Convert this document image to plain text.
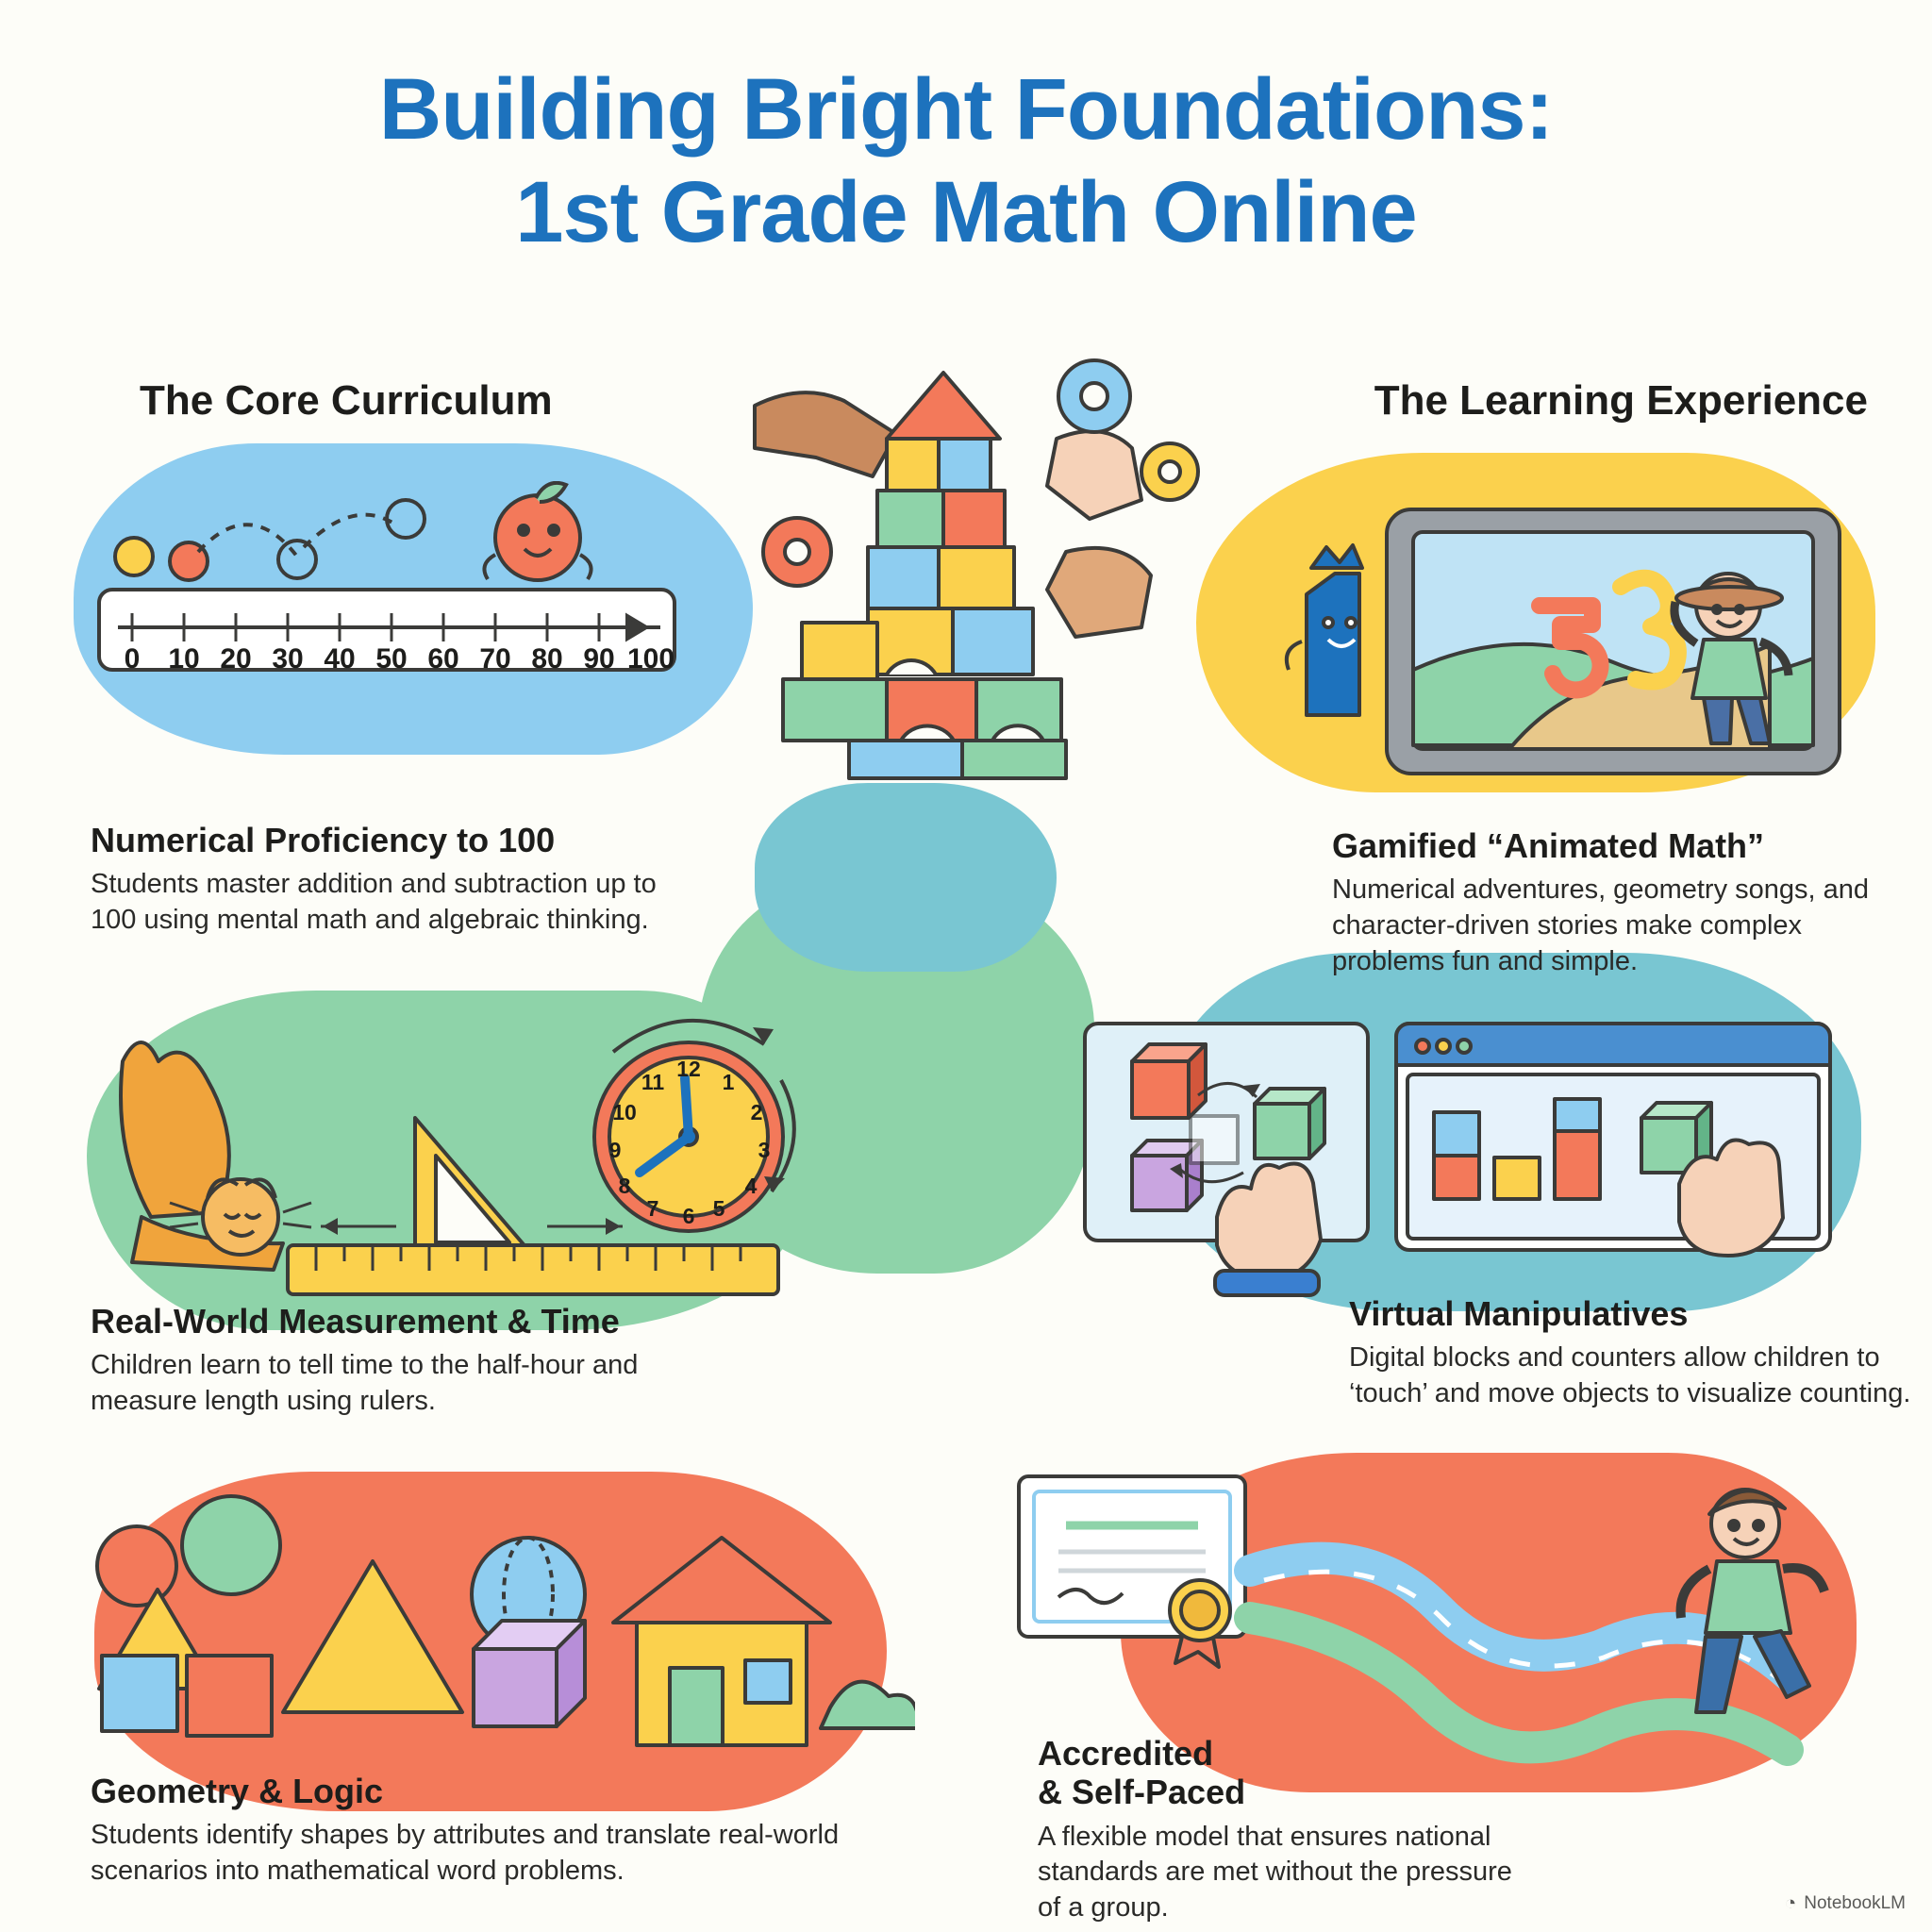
Building Bright Foundations:
1st Grade Math Online
The Core Curriculum	The Learning Experience
0 10 20 30 40 50 60 70 80 90 100

Numerical Proficiency to 100

Students master addition and subtraction up to 100 using mental math and algebraic thinking.

12
1
2
3
4
5
6
7
8
9
10
11

Real-World Measurement & Time

Children learn to tell time to the half-hour and measure length using rulers.

Geometry & Logic

Students identify shapes by attributes and translate real-world scenarios into mathematical word problems.

Gamified “Animated Math”

Numerical adventures, geometry songs, and character-driven stories make complex problems fun and simple.

Virtual Manipulatives

Digital blocks and counters allow children to ‘touch’ and move objects to visualize counting.

Accredited

& Self-Paced

A flexible model that ensures national standards are met without the pressure of a group.	◔ NotebookLM
